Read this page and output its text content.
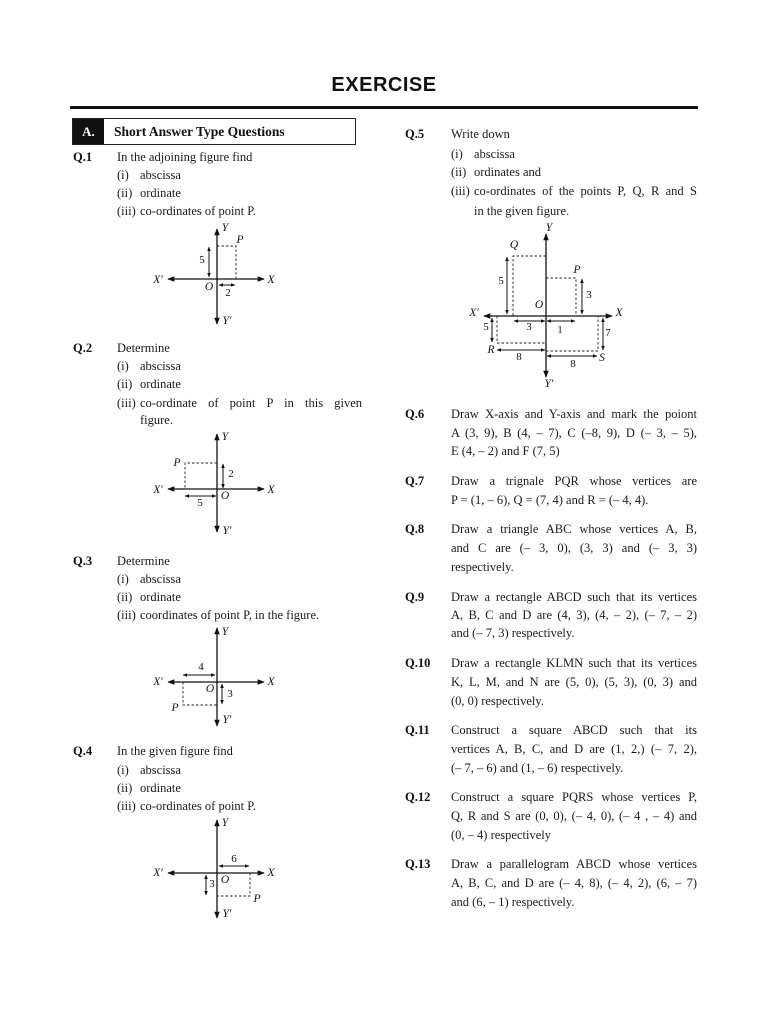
EXERCISE
A.	Short Answer Type Questions
Q.1 In the adjoining figure find
(i) abscissa
(ii) ordinate
(iii) co-ordinates of point P.
Y
Y′
X′	X
O
P
5
2
Q.2 Determine
(i) abscissa
(ii) ordinate
(iii) co-ordinate of point P in this given
figure.
Y
Y′
X′	X
O
P
2
5
Q.3 Determine
(i) abscissa
(ii) ordinate
(iii) coordinates of point P, in the figure.
Y
Y′
X′	X
O
P
3
4
Q.4 In the given figure find
(i) abscissa
(ii) ordinate
(iii) co-ordinates of point P.
Y
Y′
X′	X
O
P
3
6
Q.5 Write down
(i) abscissa
(ii) ordinates and
(iii) co-ordinates of the points P, Q, R and S
in the given figure.
Y
Y′
X′	X
O
P
Q
R
S
5
3
3
1
5
8
7
8
Q.6 Draw X-axis and Y-axis and mark the poiont
A (3, 9), B (4, – 7), C (–8, 9), D (– 3, – 5),
E (4, – 2) and F (7, 5)
Q.7 Draw a trignale PQR whose vertices are
P = (1, – 6), Q = (7, 4) and R = (– 4, 4).
Q.8 Draw a triangle ABC whose vertices A, B,
and C are (– 3, 0), (3, 3) and (– 3, 3)
respectively.
Q.9 Draw a rectangle ABCD such that its vertices
A, B, C and D are (4, 3), (4, – 2), (– 7, – 2)
and (– 7, 3) respectively.
Q.10 Draw a rectangle KLMN such that its vertices
K, L, M, and N are (5, 0), (5, 3), (0, 3) and
(0, 0) respectively.
Q.11 Construct a square ABCD such that its
vertices A, B, C, and D are (1, 2,) (– 7, 2),
(– 7, – 6) and (1, – 6) respectively.
Q.12 Construct a square PQRS whose vertices P,
Q, R and S are (0, 0), (– 4, 0), (– 4 , – 4) and
(0, – 4) respectively
Q.13 Draw a parallelogram ABCD whose vertices
A, B, C, and D are (– 4, 8), (– 4, 2), (6, – 7)
and (6, – 1) respectively.
